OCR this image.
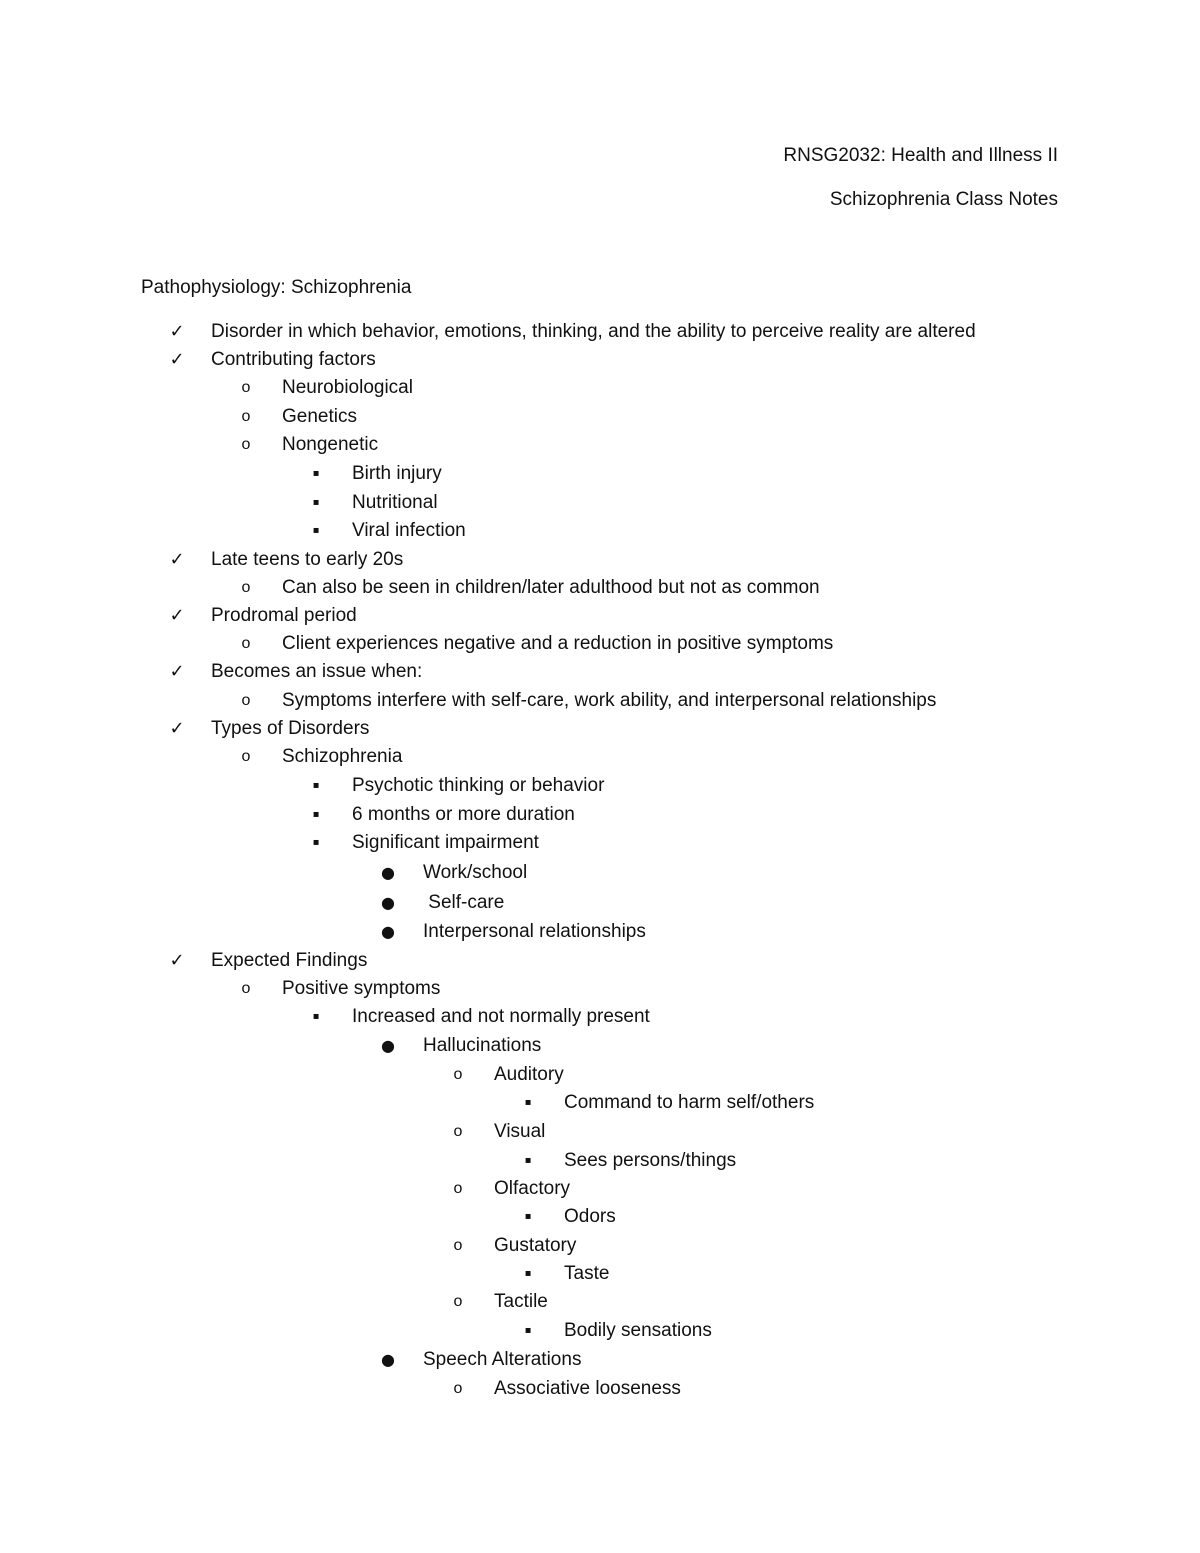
RNSG2032: Health and Illness II
Schizophrenia Class Notes
Pathophysiology: Schizophrenia
✓ Disorder in which behavior, emotions, thinking, and the ability to perceive reality are altered
✓ Contributing factors
o Neurobiological
o Genetics
o Nongenetic
▪	Birth injury
▪	Nutritional
▪	Viral infection
✓ Late teens to early 20s
o Can also be seen in children/later adulthood but not as common
✓ Prodromal period
o Client experiences negative and a reduction in positive symptoms
✓ Becomes an issue when:
o Symptoms interfere with self-care, work ability, and interpersonal relationships
✓ Types of Disorders
o Schizophrenia
▪	Psychotic thinking or behavior
▪	6 months or more duration
▪	Significant impairment
● Work/school
● Self-care
● Interpersonal relationships
✓ Expected Findings
o Positive symptoms
▪	Increased and not normally present
● Hallucinations
o Auditory
▪	Command to harm self/others
o Visual
▪	Sees persons/things
o Olfactory
▪	Odors
o Gustatory
▪	Taste
o Tactile
▪	Bodily sensations
● Speech Alterations
o Associative looseness
